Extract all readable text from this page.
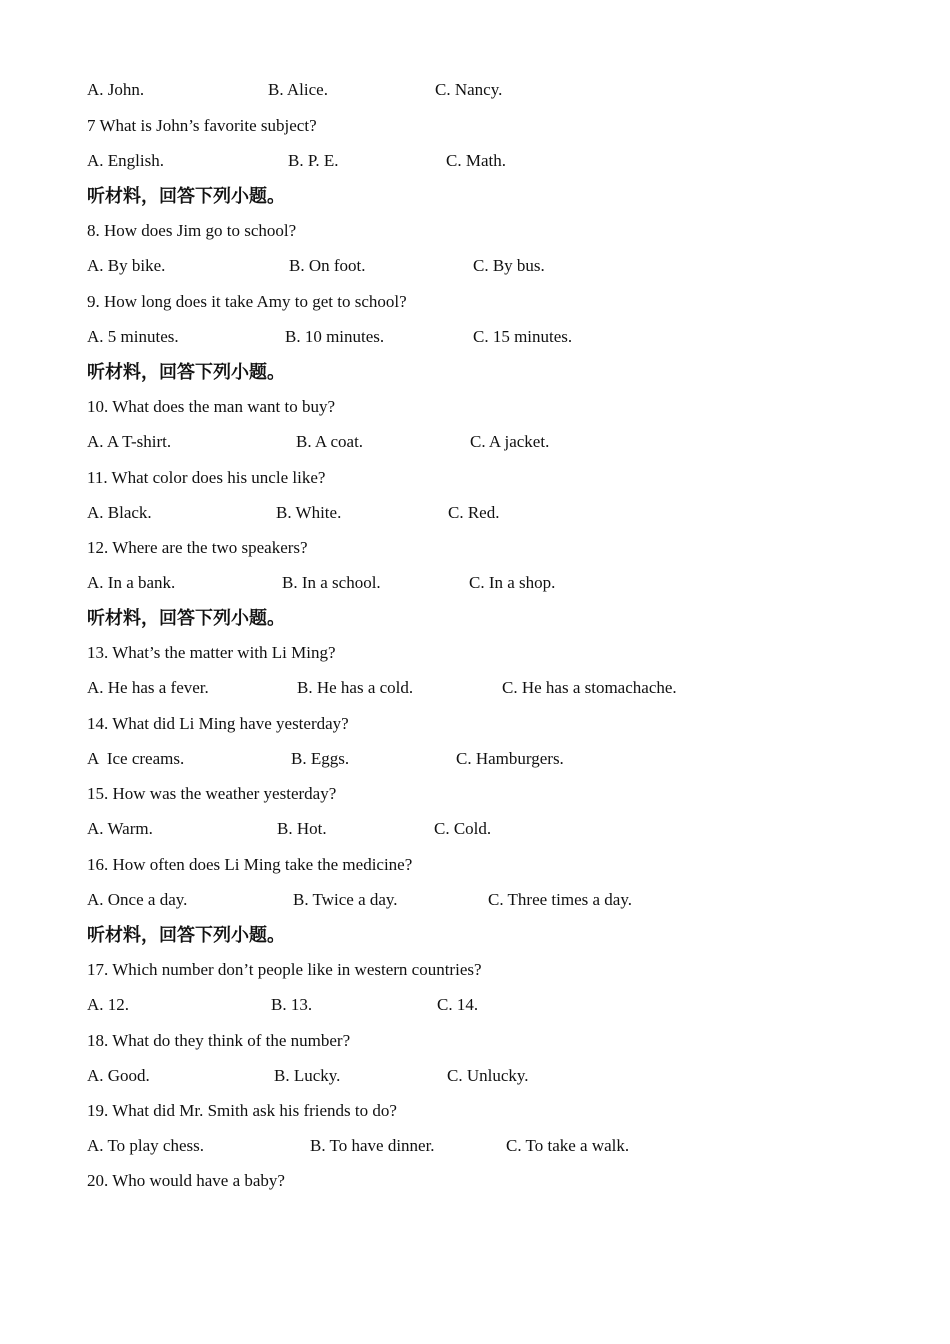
A. John.

	B. Alice.

	C. Nancy.

7 What is John’s favorite subject?

A. English.

	B. P. E.

	C. Math.

听材料，回答下列小题。
8. How does Jim go to school?

A. By bike.

	B. On foot.

	C. By bus.

9. How long does it take Amy to get to school?

A. 5 minutes.

	B. 10 minutes.

	C. 15 minutes.

听材料，回答下列小题。
10. What does the man want to buy?

A. A T-shirt.

	B. A coat.

	C. A jacket.

11. What color does his uncle like?

A. Black.

	B. White.

	C. Red.

12. Where are the two speakers?

A. In a bank.

	B. In a school.

	C. In a shop.

听材料，回答下列小题。
13. What’s the matter with Li Ming?

A. He has a fever.

	B. He has a cold.

	C. He has a stomachache.

14. What did Li Ming have yesterday?

A  Ice creams.

	B. Eggs.

	C. Hamburgers.

15. How was the weather yesterday?

A. Warm.

	B. Hot.

	C. Cold.

16. How often does Li Ming take the medicine?

A. Once a day.

	B. Twice a day.

	C. Three times a day.

听材料，回答下列小题。
17. Which number don’t people like in western countries?

A. 12.

	B. 13.

	C. 14.

18. What do they think of the number?

A. Good.

	B. Lucky.

	C. Unlucky.

19. What did Mr. Smith ask his friends to do?

A. To play chess.

	B. To have dinner.

	C. To take a walk.

20. Who would have a baby?
